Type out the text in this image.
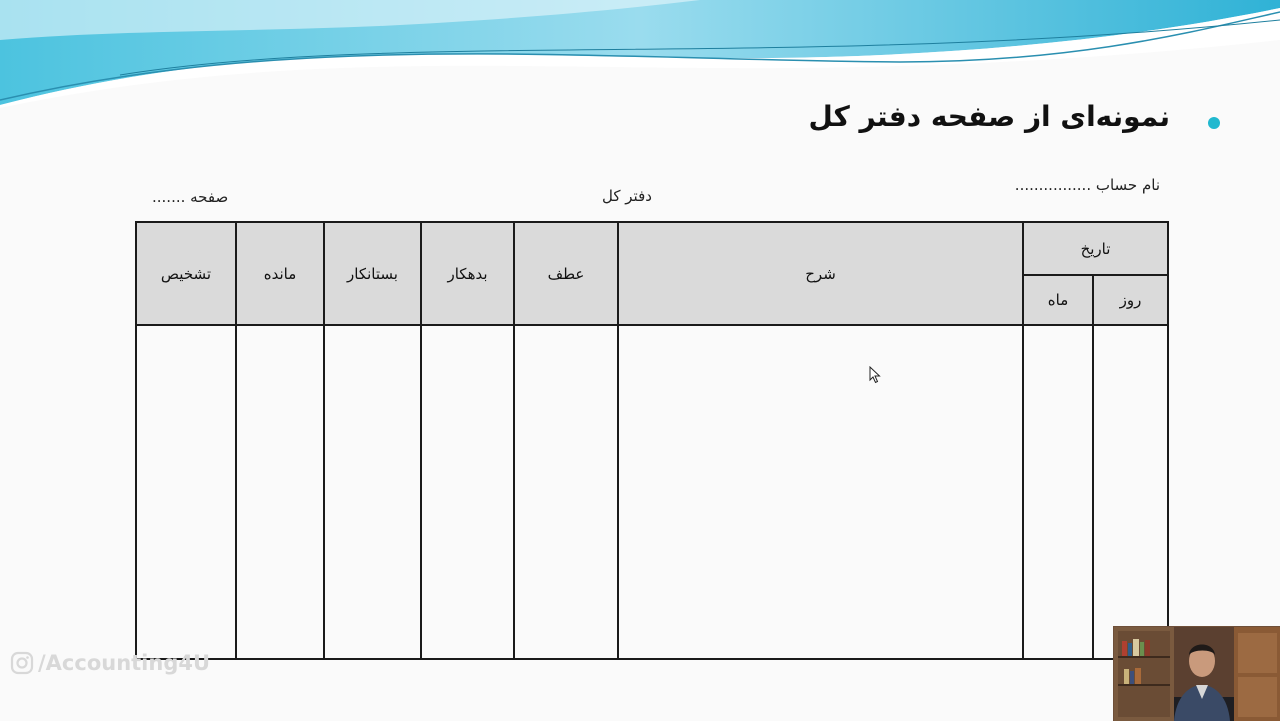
نمونه‌ای از صفحه دفتر کل
نام حساب ................
دفتر کل
صفحه .......
تاریخ		شرح	عطف	بدهکار	بستانکار	مانده	تشخیص
روز	ماه						

/Accounting4U
